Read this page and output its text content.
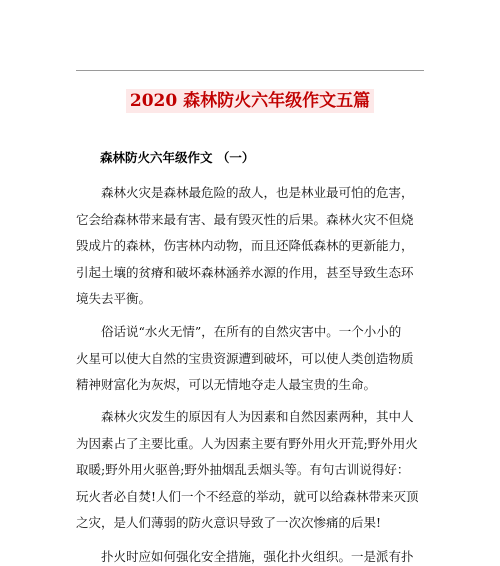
2020 森林防火六年级作文五篇
森林防火六年级作文 （一）
森林火灾是森林最危险的敌人，也是林业最可怕的危害，
它会给森林带来最有害、最有毁灭性的后果。森林火灾不但烧
毁成片的森林，伤害林内动物，而且还降低森林的更新能力，
引起土壤的贫瘠和破坏森林涵养水源的作用，甚至导致生态环
境失去平衡。
俗话说“水火无情”，在所有的自然灾害中。一个小小的
火星可以使大自然的宝贵资源遭到破坏，可以使人类创造物质
精神财富化为灰烬，可以无情地夺走人最宝贵的生命。
森林火灾发生的原因有人为因素和自然因素两种，其中人
为因素占了主要比重。人为因素主要有野外用火开荒;野外用火
取暖;野外用火驱兽;野外抽烟乱丢烟头等。有句古训说得好：
玩火者必自焚!人们一个不经意的举动，就可以给森林带来灭顶
之灾，是人们薄弱的防火意识导致了一次次惨痛的后果!
扑火时应如何强化安全措施，强化扑火组织。一是派有扑
